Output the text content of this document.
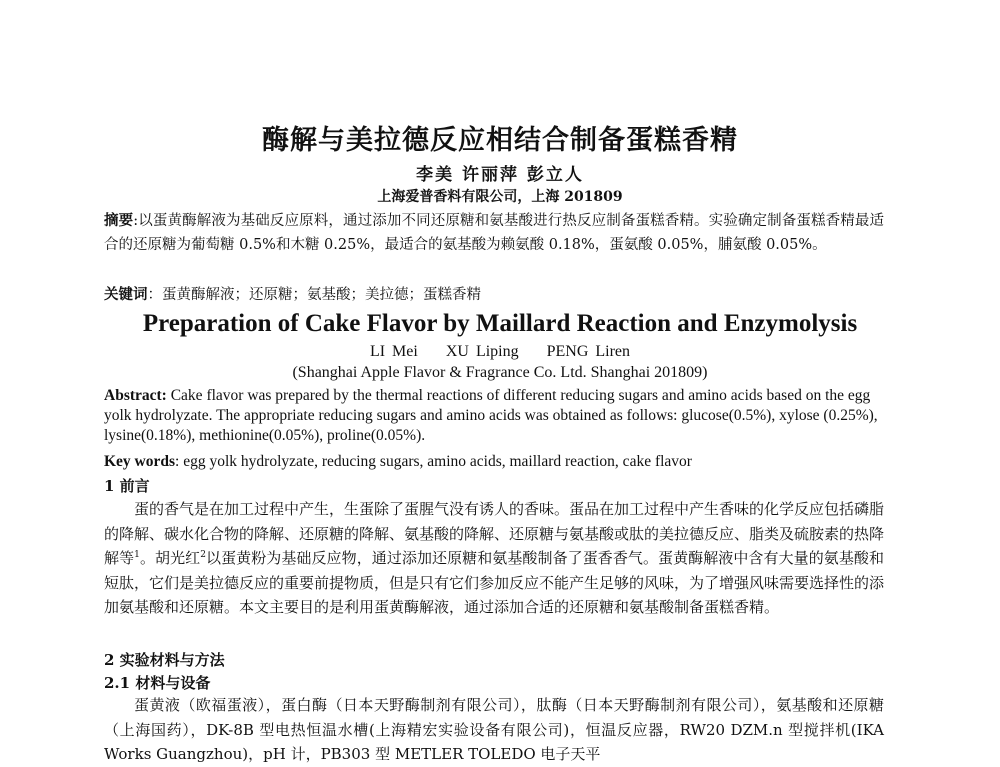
酶解与美拉德反应相结合制备蛋糕香精
李美 许丽萍 彭立人
上海爱普香料有限公司，上海 201809
摘要:以蛋黄酶解液为基础反应原料，通过添加不同还原糖和氨基酸进行热反应制备蛋糕香精。实验确定制备蛋糕香精最适合的还原糖为葡萄糖 0.5%和木糖 0.25%，最适合的氨基酸为赖氨酸 0.18%，蛋氨酸 0.05%，脯氨酸 0.05%。
关键词：蛋黄酶解液；还原糖；氨基酸；美拉德；蛋糕香精
Preparation of Cake Flavor by Maillard Reaction and Enzymolysis
LI Mei    XU Liping    PENG Liren
(Shanghai Apple Flavor & Fragrance Co. Ltd. Shanghai 201809)
Abstract: Cake flavor was prepared by the thermal reactions of different reducing sugars and amino acids based on the egg yolk hydrolyzate. The appropriate reducing sugars and amino acids was obtained as follows: glucose(0.5%), xylose (0.25%), lysine(0.18%), methionine(0.05%), proline(0.05%).
Key words: egg yolk hydrolyzate, reducing sugars, amino acids, maillard reaction, cake flavor
1 前言
蛋的香气是在加工过程中产生，生蛋除了蛋腥气没有诱人的香味。蛋品在加工过程中产生香味的化学反应包括磷脂的降解、碳水化合物的降解、还原糖的降解、氨基酸的降解、还原糖与氨基酸或肽的美拉德反应、脂类及硫胺素的热降解等$^1$。胡光红$^2$以蛋黄粉为基础反应物，通过添加还原糖和氨基酸制备了蛋香香气。蛋黄酶解液中含有大量的氨基酸和短肽，它们是美拉德反应的重要前提物质，但是只有它们参加反应不能产生足够的风味，为了增强风味需要选择性的添加氨基酸和还原糖。本文主要目的是利用蛋黄酶解液，通过添加合适的还原糖和氨基酸制备蛋糕香精。
2 实验材料与方法
2.1 材料与设备
蛋黄液（欧福蛋液），蛋白酶（日本天野酶制剂有限公司），肽酶（日本天野酶制剂有限公司），氨基酸和还原糖（上海国药），DK-8B 型电热恒温水槽(上海精宏实验设备有限公司)，恒温反应器，RW20 DZM.n 型搅拌机(IKA Works Guangzhou)，pH 计，PB303 型 METLER TOLEDO 电子天平
